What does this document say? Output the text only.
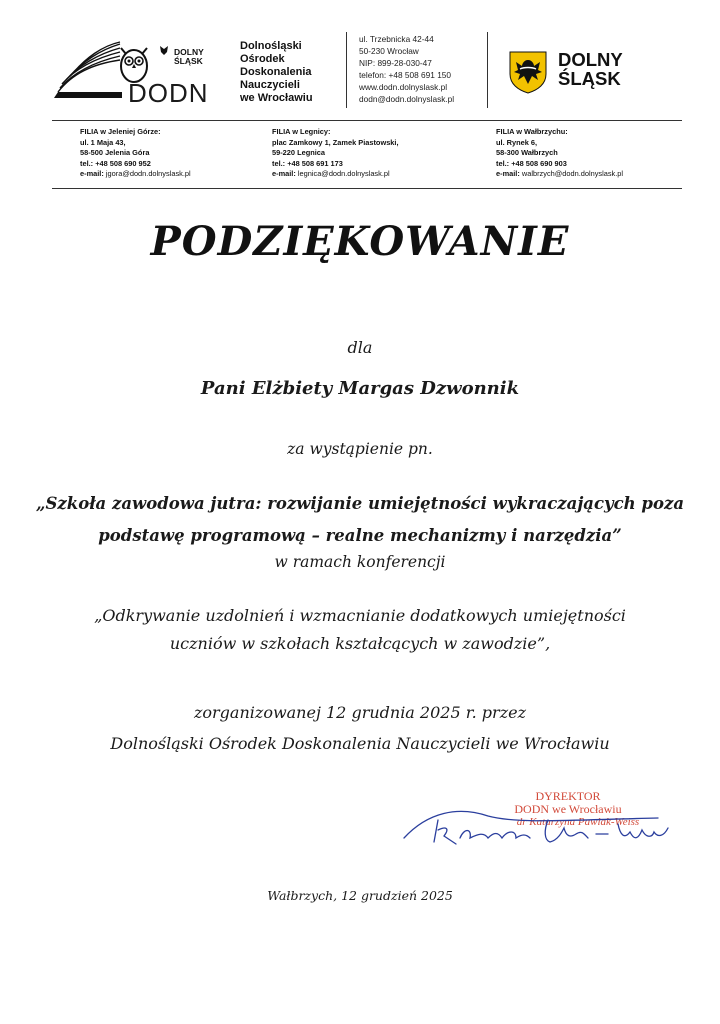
DOLNY
ŚLĄSK
DODN
Dolnośląski
Ośrodek
Doskonalenia
Nauczycieli
we Wrocławiu
ul. Trzebnicka 42-44
50-230 Wrocław
NIP: 899-28-030-47
telefon: +48 508 691 150
www.dodn.dolnyslask.pl
dodn@dodn.dolnyslask.pl
DOLNY
ŚLĄSK
FILIA w Jeleniej Górze:
ul. 1 Maja 43,
58-500 Jelenia Góra
tel.: +48 508 690 952
e-mail: jgora@dodn.dolnyslask.pl
FILIA w Legnicy:
plac Zamkowy 1, Zamek Piastowski,
59-220 Legnica
tel.: +48 508 691 173
e-mail: legnica@dodn.dolnyslask.pl
FILIA w Wałbrzychu:
ul. Rynek 6,
58-300 Wałbrzych
tel.: +48 508 690 903
e-mail: walbrzych@dodn.dolnyslask.pl
PODZIĘKOWANIE
dla
Pani Elżbiety Margas Dzwonnik
za wystąpienie pn.
„Szkoła zawodowa jutra: rozwijanie umiejętności wykraczających poza
podstawę programową – realne mechanizmy i narzędzia”
w ramach konferencji
„Odkrywanie uzdolnień i wzmacnianie dodatkowych umiejętności
uczniów w szkołach kształcących w zawodzie”,
zorganizowanej 12 grudnia 2025 r. przez
Dolnośląski Ośrodek Doskonalenia Nauczycieli we Wrocławiu
DYREKTOR
DODN we Wrocławiu
dr Katarzyna Pawlak-Weiss
Wałbrzych, 12 grudzień 2025
